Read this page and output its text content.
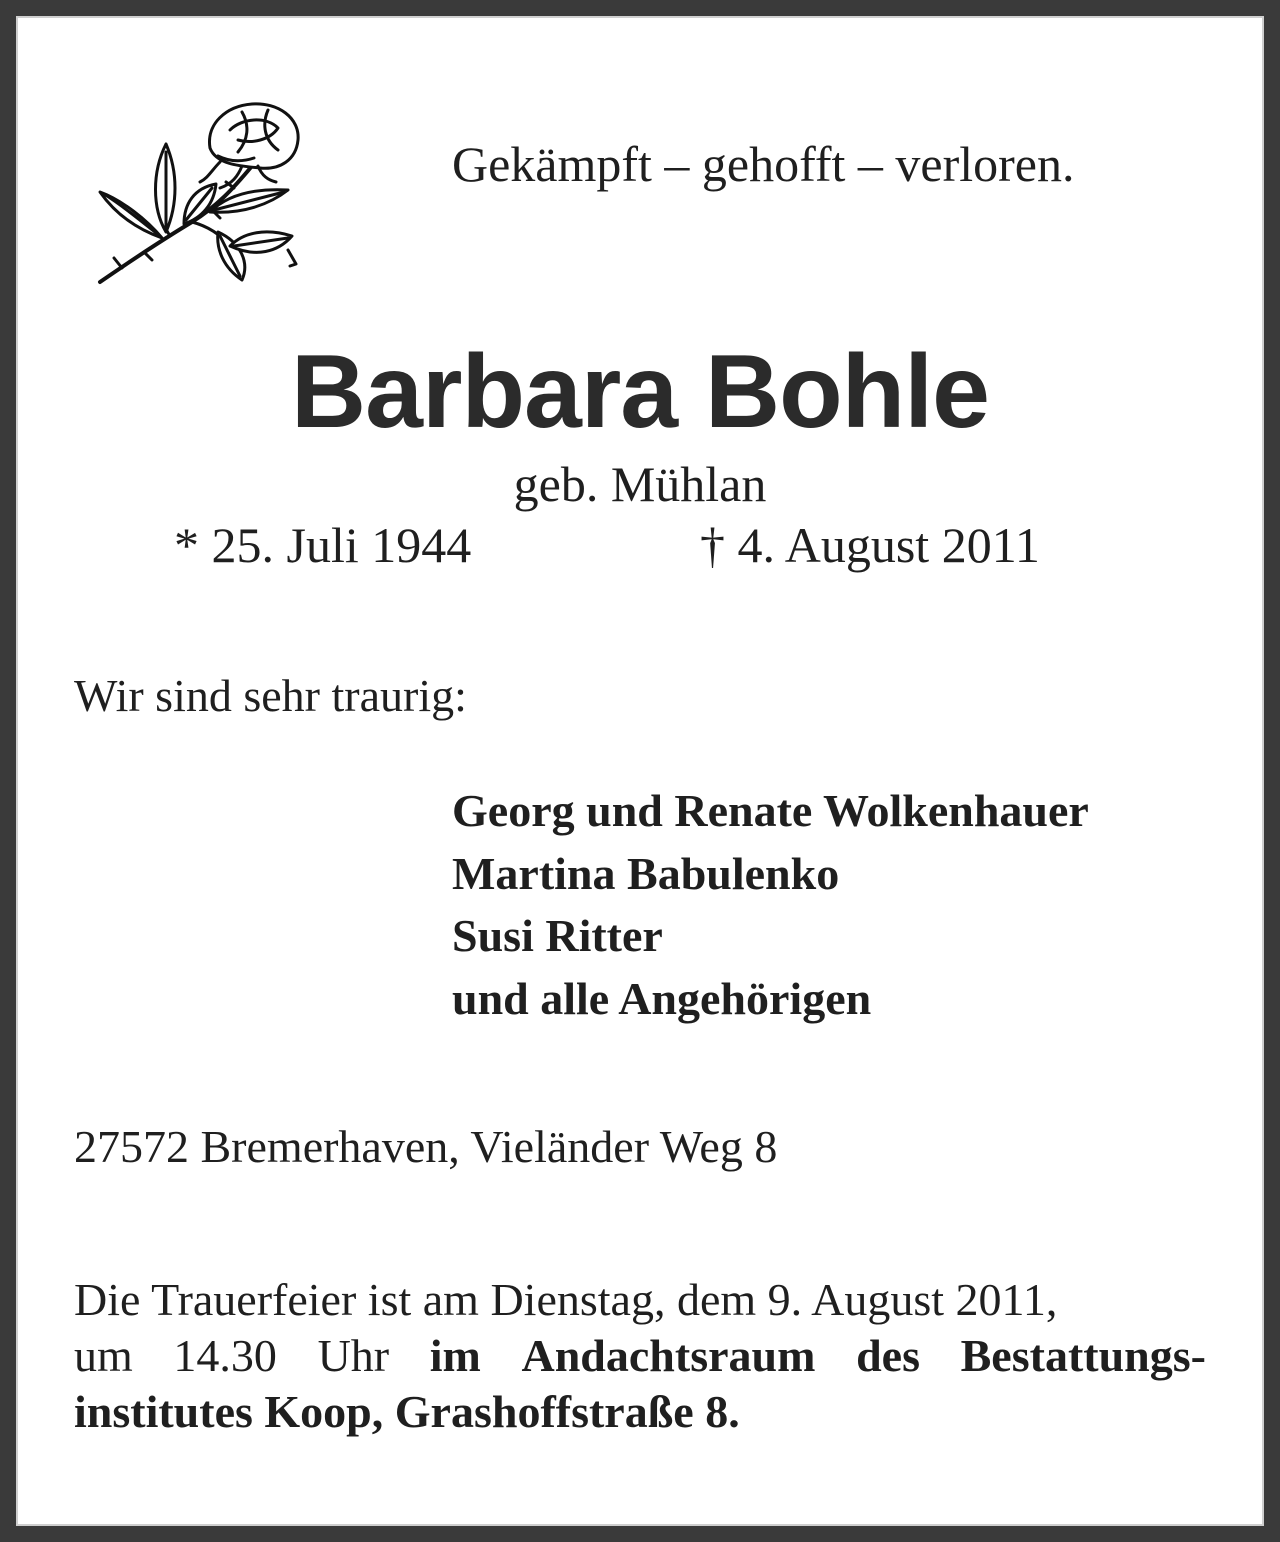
Gekämpft – gehofft – verloren.
Barbara Bohle
geb. Mühlan
* 25. Juli 1944	† 4. August 2011
Wir sind sehr traurig:
Georg und Renate Wolkenhauer
Martina Babulenko
Susi Ritter
und alle Angehörigen
27572 Bremerhaven, Vieländer Weg 8
Die Trauerfeier ist am Dienstag, dem 9. August 2011,
um 14.30 Uhr im Andachtsraum des Bestattungs-
institutes Koop, Grashoffstraße 8.
